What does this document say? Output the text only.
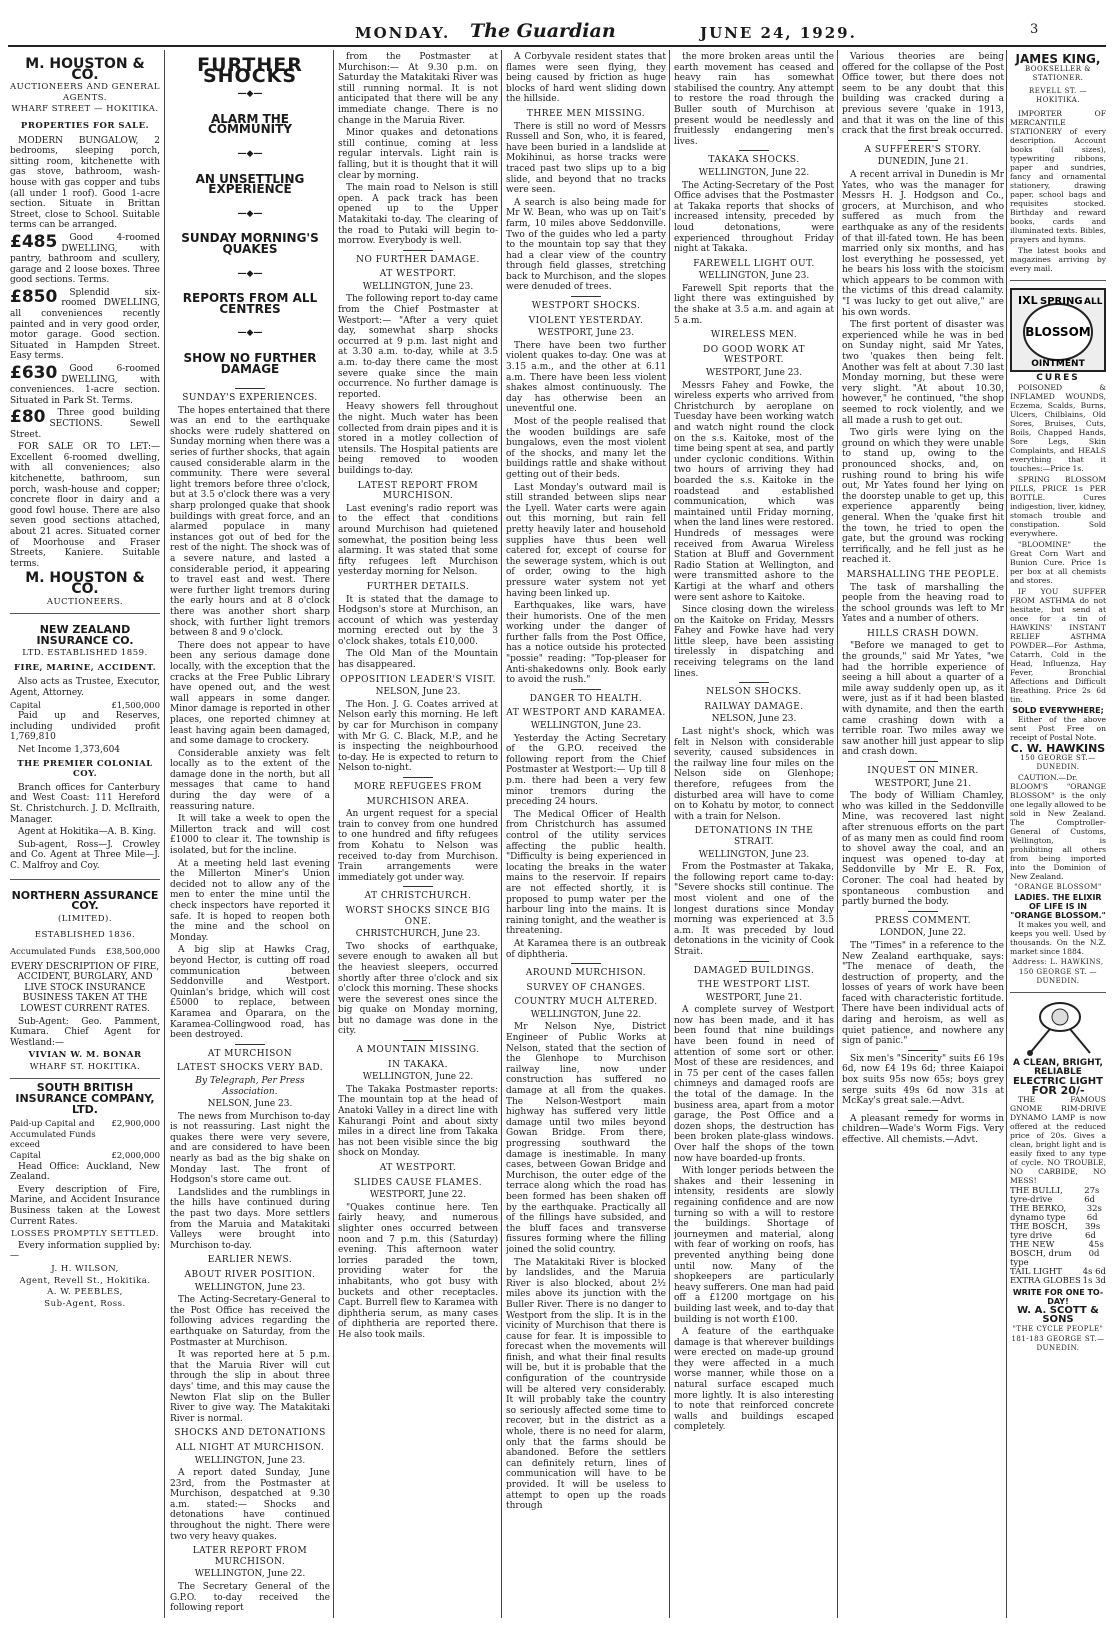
MONDAY. The Guardian	JUNE 24, 1929.	3
M. HOUSTON & CO.
AUCTIONEERS AND GENERAL AGENTS.
WHARF STREET — HOKITIKA.
PROPERTIES FOR SALE.

MODERN BUNGALOW, 2 bedrooms, sleeping porch, sitting room, kitchenette with gas stove, bathroom, wash-house with gas copper and tubs (all under 1 roof). Good 1-acre section. Situate in Brittan Street, close to School. Suitable terms can be arranged.

£485	Good 4-roomed DWELLING, with pantry, bathroom and scullery, garage and 2 loose boxes. Three good sections. Terms.

£850	Splendid six-roomed DWELLING, all conveniences recently painted and in very good order, motor garage. Good section. Situated in Hampden Street. Easy terms.

£630	Good 6-roomed DWELLING, with conveniences. 1-acre section. Situated in Park St. Terms.

£80	Three good building SECTIONS. Sewell Street.

FOR SALE OR TO LET:—Excellent 6-roomed dwelling, with all conveniences; also kitchenette, bathroom, sun porch, wash-house and copper; concrete floor in dairy and a good fowl house. There are also seven good sections attached, about 21 acres. Situated corner of Moorhouse and Fraser Streets, Kaniere. Suitable terms.

M. HOUSTON & CO.
AUCTIONEERS.
NEW ZEALAND INSURANCE CO.
LTD. ESTABLISHED 1859.
FIRE, MARINE, ACCIDENT.

Also acts as Trustee, Executor, Agent, Attorney.

Capital	£1,500,000

Paid up and Reserves, including undivided profit 1,769,810

Net Income 1,373,604

THE PREMIER COLONIAL COY.

Branch offices for Canterbury and West Coast: 111 Hereford St. Christchurch. J. D. McIlraith, Manager.

Agent at Hokitika—A. B. King.

Sub-agent, Ross—J. Crowley and Co. Agent at Three Mile—J. C. Malfroy and Coy.

NORTHERN ASSURANCE COY.
(LIMITED).
ESTABLISHED 1836.
Accumulated Funds £38,500,000

EVERY DESCRIPTION OF FIRE, ACCIDENT, BURGLARY, AND LIVE STOCK INSURANCE BUSINESS TAKEN AT THE LOWEST CURRENT RATES.

Sub-Agent: Geo. Pamment, Kumara. Chief Agent for Westland:—

VIVIAN W. M. BONAR
WHARF ST. HOKITIKA.
SOUTH BRITISH INSURANCE COMPANY, LTD.
Paid-up Capital and Accumulated Funds exceed
£2,900,000
Capital	£2,000,000

Head Office: Auckland, New Zealand.

Every description of Fire, Marine, and Accident Insurance Business taken at the Lowest Current Rates.

LOSSES PROMPTLY SETTLED.

Every information supplied by:—

J. H. WILSON,
Agent, Revell St., Hokitika.
A. W. PEEBLES,
Sub-Agent, Ross.
FURTHER SHOCKS
—◆—
ALARM THE COMMUNITY
—◆—
AN UNSETTLING EXPERIENCE
—◆—
SUNDAY MORNING'S QUAKES
—◆—
REPORTS FROM ALL CENTRES
—◆—
SHOW NO FURTHER DAMAGE
SUNDAY'S EXPERIENCES.

The hopes entertained that there was an end to the earthquake shocks were rudely shattered on Sunday morning when there was a series of further shocks, that again caused considerable alarm in the community. There were several light tremors before three o'clock, but at 3.5 o'clock there was a very sharp prolonged quake that shook buildings with great force, and an alarmed populace in many instances got out of bed for the rest of the night. The shock was of a severe nature, and lasted a considerable period, it appearing to travel east and west. There were further light tremors during the early hours and at 8 o'clock there was another short sharp shock, with further light tremors between 8 and 9 o'clock.

There does not appear to have been any serious damage done locally, with the exception that the cracks at the Free Public Library have opened out, and the west wall appears in some danger. Minor damage is reported in other places, one reported chimney at least having again been damaged, and some damage to crockery.

Considerable anxiety was felt locally as to the extent of the damage done in the north, but all messages that came to hand during the day were of a reassuring nature.

It will take a week to open the Millerton track and will cost £1000 to clear it. The township is isolated, but for the incline.

At a meeting held last evening the Millerton Miner's Union decided not to allow any of the men to enter the mine until the check inspectors have reported it safe. It is hoped to reopen both the mine and the school on Monday.

A big slip at Hawks Crag, beyond Hector, is cutting off road communication between Seddonville and Westport. Quinlan's bridge, which will cost £5000 to replace, between Karamea and Oparara, on the Karamea-Collingwood road, has been destroyed.

AT MURCHISON
LATEST SHOCKS VERY BAD.
By Telegraph, Per Press Association.
NELSON, June 23.

The news from Murchison to-day is not reassuring. Last night the quakes there were very severe, and are considered to have been nearly as bad as the big shake on Monday last. The front of Hodgson's store came out.

Landslides and the rumblings in the hills have continued during the past two days. More settlers from the Maruia and Matakitaki Valleys were brought into Murchison to-day.

EARLIER NEWS.
ABOUT RIVER POSITION.
WELLINGTON, June 23.

The Acting-Secretary-General to the Post Office has received the following advices regarding the earthquake on Saturday, from the Postmaster at Murchison.

It was reported here at 5 p.m. that the Maruia River will cut through the slip in about three days' time, and this may cause the Newton Flat slip on the Buller River to give way. The Matakitaki River is normal.

SHOCKS AND DETONATIONS
ALL NIGHT AT MURCHISON.
WELLINGTON, June 23.

A report dated Sunday, June 23rd, from the Postmaster at Murchison, despatched at 9.30 a.m. stated:— Shocks and detonations have continued throughout the night. There were two very heavy quakes.

LATER REPORT FROM MURCHISON.
WELLINGTON, June 22.

The Secretary General of the G.P.O. to-day received the following report

from the Postmaster at Murchison:— At 9.30 p.m. on Saturday the Matakitaki River was still running normal. It is not anticipated that there will be any immediate change. There is no change in the Maruia River.

Minor quakes and detonations still continue, coming at less regular intervals. Light rain is falling, but it is thought that it will clear by morning.

The main road to Nelson is still open. A pack track has been opened up to the Upper Matakitaki to-day. The clearing of the road to Putaki will begin to-morrow. Everybody is well.

NO FURTHER DAMAGE.
AT WESTPORT.
WELLINGTON, June 23.

The following report to-day came from the Chief Postmaster at Westport:— "After a very quiet day, somewhat sharp shocks occurred at 9 p.m. last night and at 3.30 a.m. to-day, while at 3.5 a.m. to-day there came the most severe quake since the main occurrence. No further damage is reported.

Heavy showers fell throughout the night. Much water has been collected from drain pipes and it is stored in a motley collection of utensils. The Hospital patients are being removed to wooden buildings to-day.

LATEST REPORT FROM MURCHISON.

Last evening's radio report was to the effect that conditions around Murchison had quietened somewhat, the position being less alarming. It was stated that some fifty refugees left Murchison yesterday morning for Nelson.

FURTHER DETAILS.

It is stated that the damage to Hodgson's store at Murchison, an account of which was yesterday morning erected out by the 3 o'clock shakes, totals £10,000.

The Old Man of the Mountain has disappeared.

OPPOSITION LEADER'S VISIT.
NELSON, June 23.

The Hon. J. G. Coates arrived at Nelson early this morning. He left by car for Murchison in company with Mr G. C. Black, M.P., and he is inspecting the neighbourhood to-day. He is expected to return to Nelson to-night.

MORE REFUGEES FROM
MURCHISON AREA.

An urgent request for a special train to convey from one hundred to one hundred and fifty refugees from Kohatu to Nelson was received to-day from Murchison. Train arrangements were immediately got under way.

AT CHRISTCHURCH.
WORST SHOCKS SINCE BIG ONE.
CHRISTCHURCH, June 23.

Two shocks of earthquake, severe enough to awaken all but the heaviest sleepers, occurred shortly after three o'clock and six o'clock this morning. These shocks were the severest ones since the big quake on Monday morning, but no damage was done in the city.

A MOUNTAIN MISSING.
IN TAKAKA.
WELLINGTON, June 22.

The Takaka Postmaster reports: The mountain top at the head of Anatoki Valley in a direct line with Kahurangi Point and about sixty miles in a direct line from Takaka has not been visible since the big shock on Monday.

AT WESTPORT.
SLIDES CAUSE FLAMES.
WESTPORT, June 22.

"Quakes continue here. Ten fairly heavy, and numerous slighter ones occurred between noon and 7 p.m. this (Saturday) evening. This afternoon water lorries paraded the town, providing water for the inhabitants, who got busy with buckets and other receptacles. Capt. Burrell flew to Karamea with diphtheria serum, as many cases of diphtheria are reported there. He also took mails.

A Corbyvale resident states that flames were seen flying, they being caused by friction as huge blocks of hard went sliding down the hillside.

THREE MEN MISSING.

There is still no word of Messrs Russell and Son, who, it is feared, have been buried in a landslide at Mokihinui, as horse tracks were traced past two slips up to a big slide, and beyond that no tracks were seen.

A search is also being made for Mr W. Bean, who was up on Tait's farm, 10 miles above Seddonville. Two of the guides who led a party to the mountain top say that they had a clear view of the country through field glasses, stretching back to Murchison, and the slopes were denuded of trees.

WESTPORT SHOCKS.
VIOLENT YESTERDAY.
WESTPORT, June 23.

There have been two further violent quakes to-day. One was at 3.15 a.m., and the other at 6.11 a.m. There have been less violent shakes almost continuously. The day has otherwise been an uneventful one.

Most of the people realised that the wooden buildings are safe bungalows, even the most violent of the shocks, and many let the buildings rattle and shake without getting out of their beds.

Last Monday's outward mail is still stranded between slips near the Lyell. Water carts were again out this morning, but rain fell pretty heavily later and household supplies have thus been well catered for, except of course for the sewerage system, which is out of order, owing to the high pressure water system not yet having been linked up.

Earthquakes, like wars, have their humorists. One of the men working under the danger of further falls from the Post Office, has a notice outside his protected "possie" reading: "Top-pleaser for Anti-shakedowns only. Book early to avoid the rush."

DANGER TO HEALTH.
AT WESTPORT AND KARAMEA.
WELLINGTON, June 23.

Yesterday the Acting Secretary of the G.P.O. received the following report from the Chief Postmaster at Westport:— Up till 8 p.m. there had been a very few minor tremors during the preceding 24 hours.

The Medical Officer of Health from Christchurch has assumed control of the utility services affecting the public health. "Difficulty is being experienced in locating the breaks in the water mains to the reservoir. If repairs are not effected shortly, it is proposed to pump water per the harbour ling into the mains. It is raining tonight, and the weather is threatening.

At Karamea there is an outbreak of diphtheria.

AROUND MURCHISON.
SURVEY OF CHANGES.
COUNTRY MUCH ALTERED.
WELLINGTON, June 22.

Mr Nelson Nye, District Engineer of Public Works at Nelson, stated that the section of the Glenhope to Murchison railway line, now under construction has suffered no damage at all from the quakes. The Nelson-Westport main highway has suffered very little damage until two miles beyond Gowan Bridge. From there, progressing southward the damage is inestimable. In many cases, between Gowan Bridge and Murchison, the outer edge of the terrace along which the road has been formed has been shaken off by the earthquake. Practically all of the fillings have subsided, and the bluff faces and transverse fissures forming where the filling joined the solid country.

The Matakitaki River is blocked by landslides, and the Maruia River is also blocked, about 2½ miles above its junction with the Buller River. There is no danger to Westport from the slip. It is in the vicinity of Murchison that there is cause for fear. It is impossible to forecast when the movements will finish, and what their final results will be, but it is probable that the configuration of the countryside will be altered very considerably. It will probably take the country so seriously affected some time to recover, but in the district as a whole, there is no need for alarm, only that the farms should be abandoned. Before the settlers can definitely return, lines of communication will have to be provided. It will be useless to attempt to open up the roads through

the more broken areas until the earth movement has ceased and heavy rain has somewhat stabilised the country. Any attempt to restore the road through the Buller south of Murchison at present would be needlessly and fruitlessly endangering men's lives.

TAKAKA SHOCKS.
WELLINGTON, June 22.

The Acting-Secretary of the Post Office advises that the Postmaster at Takaka reports that shocks of increased intensity, preceded by loud detonations, were experienced throughout Friday night at Takaka.

FAREWELL LIGHT OUT.
WELLINGTON, June 23.

Farewell Spit reports that the light there was extinguished by the shake at 3.5 a.m. and again at 5 a.m.

WIRELESS MEN.
DO GOOD WORK AT WESTPORT.
WESTPORT, June 23.

Messrs Fahey and Fowke, the wireless experts who arrived from Christchurch by aeroplane on Tuesday have been working watch and watch night round the clock on the s.s. Kaitoke, most of the time being spent at sea, and partly under cyclonic conditions. Within two hours of arriving they had boarded the s.s. Kaitoke in the roadstead and established communication, which was maintained until Friday morning, when the land lines were restored. Hundreds of messages were received from Awarua Wireless Station at Bluff and Government Radio Station at Wellington, and were transmitted ashore to the Kartigi at the wharf and others were sent ashore to Kaitoke.

Since closing down the wireless on the Kaitoke on Friday, Messrs Fahey and Fowke have had very little sleep, have been assisting tirelessly in dispatching and receiving telegrams on the land lines.

NELSON SHOCKS.
RAILWAY DAMAGE.
NELSON, June 23.

Last night's shock, which was felt in Nelson with considerable severity, caused subsidences in the railway line four miles on the Nelson side on Glenhope; therefore, refugees from the disturbed area will have to come on to Kohatu by motor, to connect with a train for Nelson.

DETONATIONS IN THE STRAIT.
WELLINGTON, June 23.

From the Postmaster at Takaka, the following report came to-day: "Severe shocks still continue. The most violent and one of the longest durations since Monday morning was experienced at 3.5 a.m. It was preceded by loud detonations in the vicinity of Cook Strait.

DAMAGED BUILDINGS.
THE WESTPORT LIST.
WESTPORT, June 21.

A complete survey of Westport now has been made, and it has been found that nine buildings have been found in need of attention of some sort or other. Most of these are residences, and in 75 per cent of the cases fallen chimneys and damaged roofs are the total of the damage. In the business area, apart from a motor garage, the Post Office and a dozen shops, the destruction has been broken plate-glass windows. Over half the shops of the town now have boarded-up fronts.

With longer periods between the shakes and their lessening in intensity, residents are slowly regaining confidence and are now turning so with a will to restore the buildings. Shortage of journeymen and material, along with fear of working on roofs, has prevented anything being done until now. Many of the shopkeepers are particularly heavy sufferers. One man had paid off a £1200 mortgage on his building last week, and to-day that building is not worth £100.

A feature of the earthquake damage is that wherever buildings were erected on made-up ground they were affected in a much worse manner, while those on a natural surface escaped much more lightly. It is also interesting to note that reinforced concrete walls and buildings escaped completely.

Various theories are being offered for the collapse of the Post Office tower, but there does not seem to be any doubt that this building was cracked during a previous severe 'quake in 1913, and that it was on the line of this crack that the first break occurred.

A SUFFERER'S STORY.
DUNEDIN, June 21.

A recent arrival in Dunedin is Mr Yates, who was the manager for Messrs H. J. Hodgson and Co., grocers, at Murchison, and who suffered as much from the earthquake as any of the residents of that ill-fated town. He has been married only six months, and has lost everything he possessed, yet he bears his loss with the stoicism which appears to be common with the victims of this dread calamity. "I was lucky to get out alive," are his own words.

The first portent of disaster was experienced while he was in bed on Sunday night, said Mr Yates, two 'quakes then being felt. Another was felt at about 7.30 last Monday morning, but these were very slight. "At about 10.30, however," he continued, "the shop seemed to rock violently, and we all made a rush to get out.

Two girls were lying on the ground on which they were unable to stand up, owing to the pronounced shocks, and, on rushing round to bring his wife out, Mr Yates found her lying on the doorstep unable to get up, this experience apparently being general. When the 'quake first hit the town, he tried to open the gate, but the ground was rocking terrifically, and he fell just as he reached it.

MARSHALLING THE PEOPLE.

The task of marshalling the people from the heaving road to the school grounds was left to Mr Yates and a number of others.

HILLS CRASH DOWN.

"Before we managed to get to the grounds," said Mr Yates, "we had the horrible experience of seeing a hill about a quarter of a mile away suddenly open up, as it were, just as if it had been blasted with dynamite, and then the earth came crashing down with a terrible roar. Two miles away we saw another hill just appear to slip and crash down.

INQUEST ON MINER.
WESTPORT, June 21.

The body of William Chamley, who was killed in the Seddonville Mine, was recovered last night after strenuous efforts on the part of as many men as could find room to shovel away the coal, and an inquest was opened to-day at Seddonville by Mr E. R. Fox, Coroner. The coal had heated by spontaneous combustion and partly burned the body.

PRESS COMMENT.
LONDON, June 22.

The "Times" in a reference to the New Zealand earthquake, says: "The menace of death, the destruction of property, and the losses of years of work have been faced with characteristic fortitude. There have been individual acts of daring and heroism, as well as quiet patience, and nowhere any sign of panic."

Six men's "Sincerity" suits £6 19s 6d, now £4 19s 6d; three Kaiapoi box suits 95s now 65s; boys grey serge suits 49s 6d now 31s at McKay's great sale.—Advt.

A pleasant remedy for worms in children—Wade's Worm Figs. Very effective. All chemists.—Advt.

JAMES KING,
BOOKSELLER & STATIONER.
REVELL ST. — HOKITIKA.

IMPORTER OF MERCANTILE STATIONERY of every description. Account books (all sizes), typewriting ribbons, paper and sundries, fancy and ornamental stationery, drawing paper, school bags and requisites stocked. Birthday and reward books, cards and illuminated texts. Bibles, prayers and hymns.

The latest books and magazines arriving by every mail.

IXL SPRING ALL
BLOSSOM
OINTMENT
CURES

POISONED & INFLAMED WOUNDS, Eczema, Scalds, Burns, Ulcers, Chilblains, Old Sores, Bruises, Cuts, Boils, Chapped Hands, Sore Legs, Skin Complaints, and HEALS everything that it touches:—Price 1s.

SPRING BLOSSOM PILLS, PRICE 1s PER BOTTLE. Cures indigestion, liver, kidney, stomach trouble and constipation. Sold everywhere.

"BLOOMINE" the Great Corn Wart and Bunion Cure. Price 1s per box at all chemists and stores.

IF YOU SUFFER FROM ASTHMA do not hesitate, but send at once for a tin of HAWKINS' INSTANT RELIEF ASTHMA POWDER—For Asthma, Catarrh, Cold in the Head, Influenza, Hay Fever, Bronchial Affections and Difficult Breathing. Price 2s 6d tin.

SOLD EVERYWHERE;

Either of the above sent Post Free on receipt of Postal Note.

C. W. HAWKINS
150 GEORGE ST.—DUNEDIN.

CAUTION.—Dr. BLOOM'S "ORANGE BLOSSOM" is the only one legally allowed to be sold in New Zealand. The Comptroller-General of Customs, Wellington, is prohibiting all others from being imported into the Dominion of New Zealand.

"ORANGE BLOSSOM"
LADIES. THE ELIXIR OF LIFE IS IN "ORANGE BLOSSOM."

It makes you well, and keeps you well. Used by thousands. On the N.Z. market since 1884.

Address: L. HAWKINS,
150 GEORGE ST. — DUNEDIN.
A CLEAN, BRIGHT,
RELIABLE
ELECTRIC LIGHT
FOR 20/-

THE FAMOUS GNOME RIM-DRIVE DYNAMO LAMP is now offered at the reduced price of 20s. Gives a clean, bright light and is easily fixed to any type of cycle. NO TROUBLE, NO CARBIDE, NO MESS!

THE BULLI, tyre-drive
27s 6d
THE BERKO, dynamo type
32s 6d
THE BOSCH, tyre drive
39s 6d
THE NEW BOSCH, drum type
45s 0d
TAIL LIGHT 4s 6d
EXTRA GLOBES 1s 3d
WRITE FOR ONE TO-DAY!
W. A. SCOTT & SONS
"THE CYCLE PEOPLE"
181-183 GEORGE ST.—DUNEDIN.
